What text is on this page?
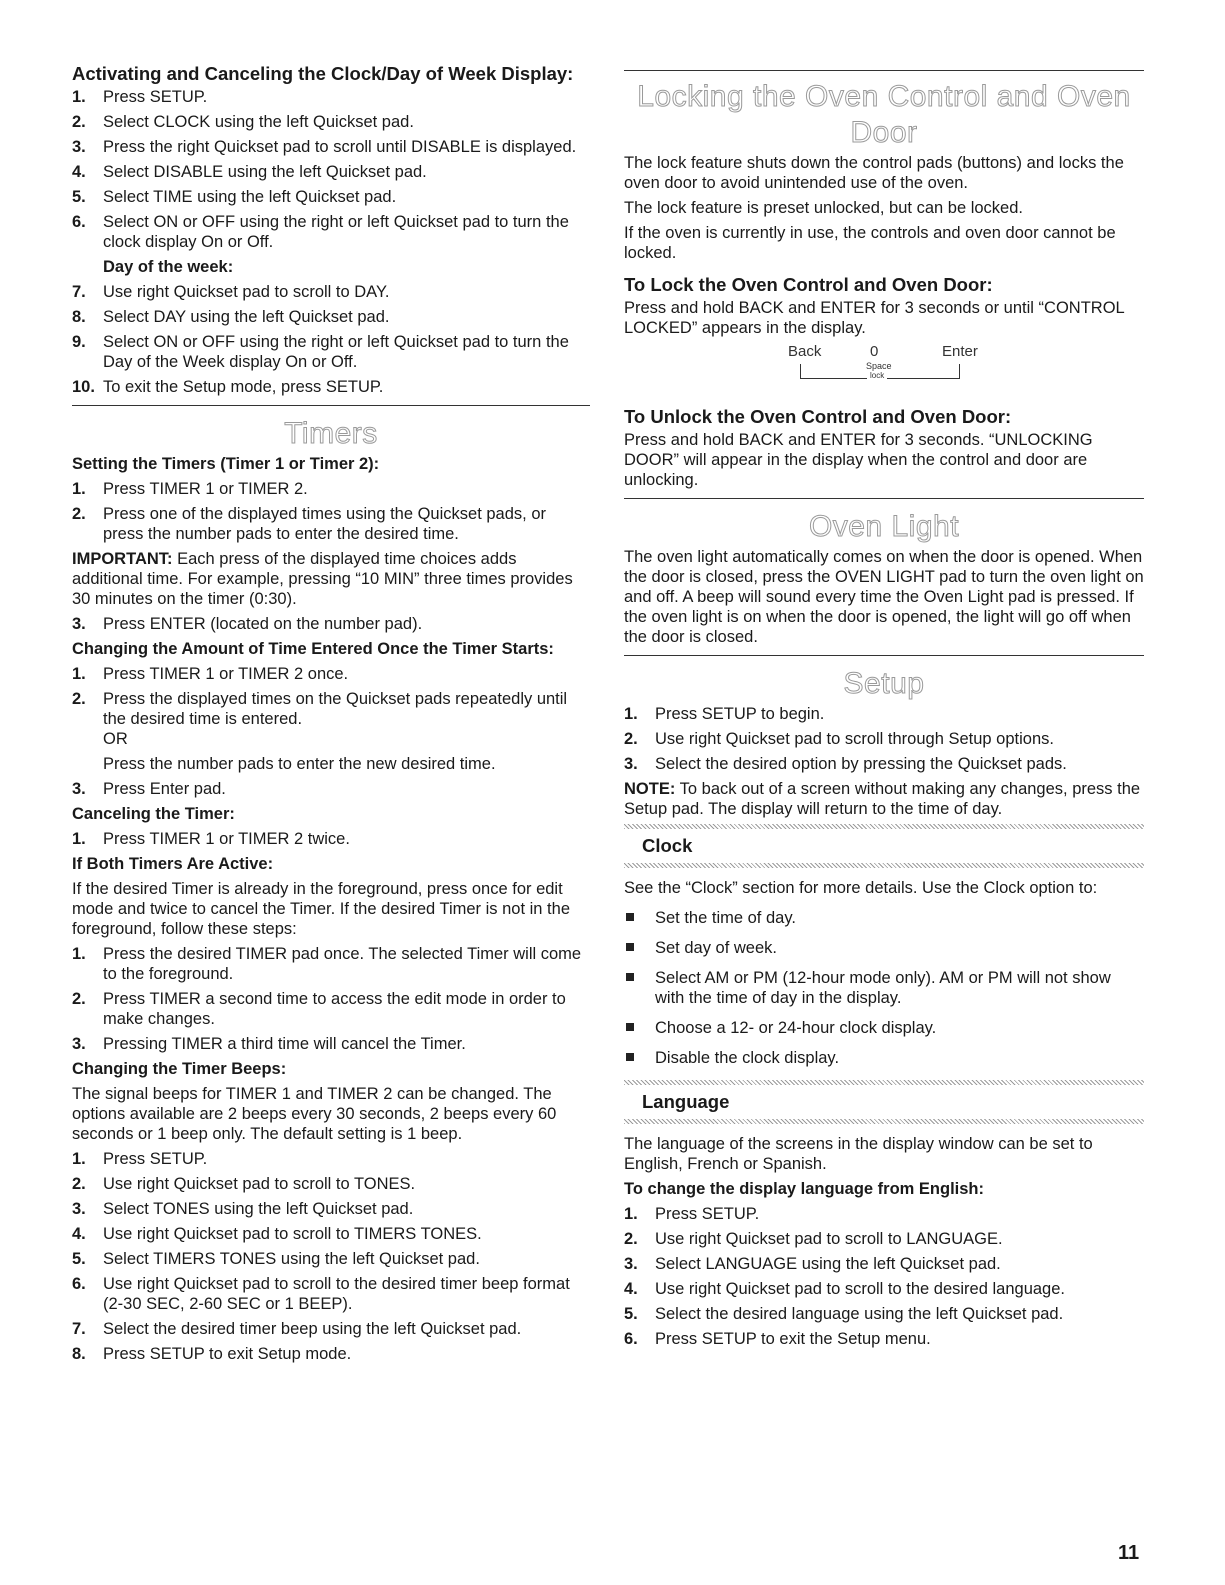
Activating and Canceling the Clock/Day of Week Display:
1. Press SETUP.
2. Select CLOCK using the left Quickset pad.
3. Press the right Quickset pad to scroll until DISABLE is displayed.
4. Select DISABLE using the left Quickset pad.
5. Select TIME using the left Quickset pad.
6. Select ON or OFF using the right or left Quickset pad to turn the clock display On or Off.
Day of the week:
7. Use right Quickset pad to scroll to DAY.
8. Select DAY using the left Quickset pad.
9. Select ON or OFF using the right or left Quickset pad to turn the Day of the Week display On or Off.
10. To exit the Setup mode, press SETUP.
Timers
Setting the Timers (Timer 1 or Timer 2):
1. Press TIMER 1 or TIMER 2.
2. Press one of the displayed times using the Quickset pads, or press the number pads to enter the desired time.
IMPORTANT: Each press of the displayed time choices adds additional time. For example, pressing “10 MIN” three times provides 30 minutes on the timer (0:30).
3. Press ENTER (located on the number pad).
Changing the Amount of Time Entered Once the Timer Starts:
1. Press TIMER 1 or TIMER 2 once.
2. Press the displayed times on the Quickset pads repeatedly until the desired time is entered.
OR
Press the number pads to enter the new desired time.
3. Press Enter pad.
Canceling the Timer:
1. Press TIMER 1 or TIMER 2 twice.
If Both Timers Are Active:
If the desired Timer is already in the foreground, press once for edit mode and twice to cancel the Timer. If the desired Timer is not in the foreground, follow these steps:
1. Press the desired TIMER pad once. The selected Timer will come to the foreground.
2. Press TIMER a second time to access the edit mode in order to make changes.
3. Pressing TIMER a third time will cancel the Timer.
Changing the Timer Beeps:
The signal beeps for TIMER 1 and TIMER 2 can be changed. The options available are 2 beeps every 30 seconds, 2 beeps every 60 seconds or 1 beep only. The default setting is 1 beep.
1. Press SETUP.
2. Use right Quickset pad to scroll to TONES.
3. Select TONES using the left Quickset pad.
4. Use right Quickset pad to scroll to TIMERS TONES.
5. Select TIMERS TONES using the left Quickset pad.
6. Use right Quickset pad to scroll to the desired timer beep format (2-30 SEC, 2-60 SEC or 1 BEEP).
7. Select the desired timer beep using the left Quickset pad.
8. Press SETUP to exit Setup mode.
Locking the Oven Control and Oven Door
The lock feature shuts down the control pads (buttons) and locks the oven door to avoid unintended use of the oven.
The lock feature is preset unlocked, but can be locked.
If the oven is currently in use, the controls and oven door cannot be locked.
To Lock the Oven Control and Oven Door:
Press and hold BACK and ENTER for 3 seconds or until “CONTROL LOCKED” appears in the display.
Back	0
Space
Enter
lock
To Unlock the Oven Control and Oven Door:
Press and hold BACK and ENTER for 3 seconds. “UNLOCKING DOOR” will appear in the display when the control and door are unlocking.
Oven Light
The oven light automatically comes on when the door is opened. When the door is closed, press the OVEN LIGHT pad to turn the oven light on and off. A beep will sound every time the Oven Light pad is pressed. If the oven light is on when the door is opened, the light will go off when the door is closed.
Setup
1. Press SETUP to begin.
2. Use right Quickset pad to scroll through Setup options.
3. Select the desired option by pressing the Quickset pads.
NOTE: To back out of a screen without making any changes, press the Setup pad. The display will return to the time of day.
Clock
See the “Clock” section for more details. Use the Clock option to:
Set the time of day.
Set day of week.
Select AM or PM (12-hour mode only). AM or PM will not show with the time of day in the display.
Choose a 12- or 24-hour clock display.
Disable the clock display.
Language
The language of the screens in the display window can be set to English, French or Spanish.
To change the display language from English:
1. Press SETUP.
2. Use right Quickset pad to scroll to LANGUAGE.
3. Select LANGUAGE using the left Quickset pad.
4. Use right Quickset pad to scroll to the desired language.
5. Select the desired language using the left Quickset pad.
6. Press SETUP to exit the Setup menu.
11
